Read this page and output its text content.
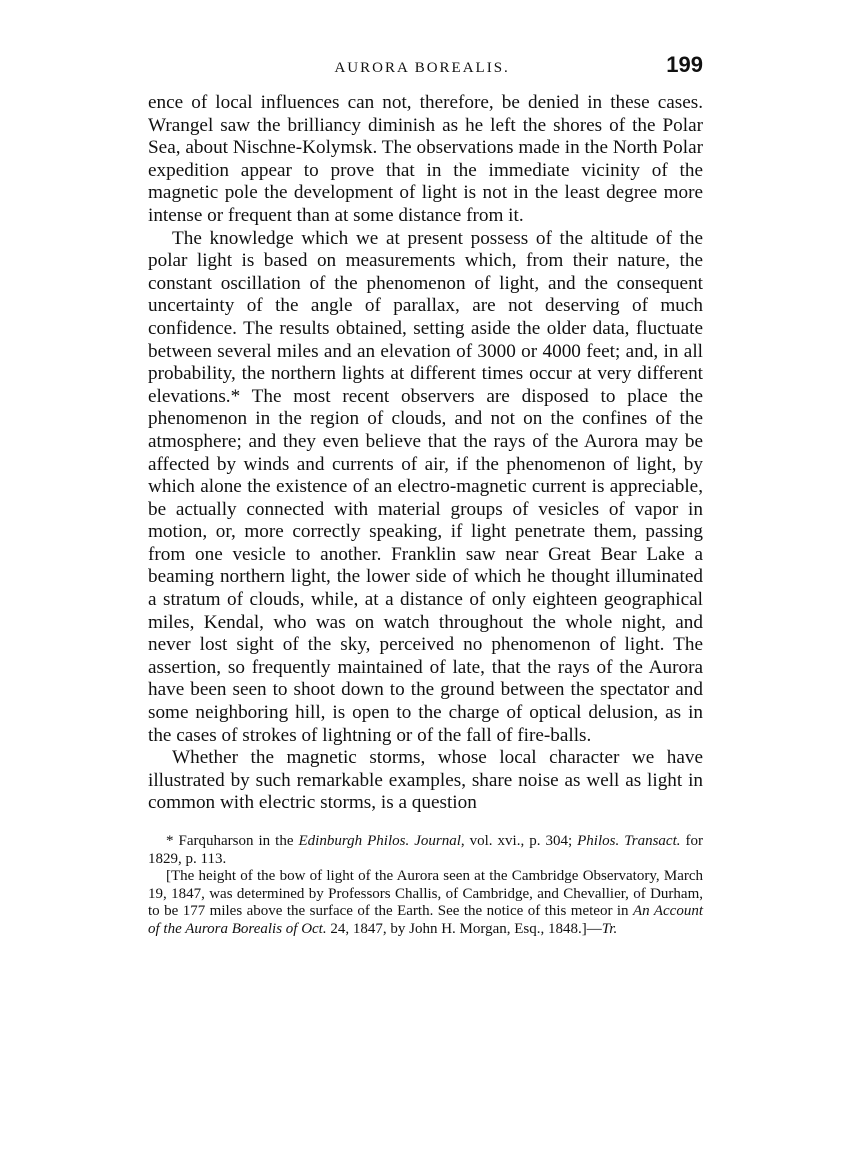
AURORA BOREALIS.	199

ence of local influences can not, therefore, be denied in these cases. Wrangel saw the brilliancy diminish as he left the shores of the Polar Sea, about Nischne-Kolymsk. The observations made in the North Polar expedition appear to prove that in the immediate vicinity of the magnetic pole the development of light is not in the least degree more intense or frequent than at some distance from it.

The knowledge which we at present possess of the altitude of the polar light is based on measurements which, from their nature, the constant oscillation of the phenomenon of light, and the consequent uncertainty of the angle of parallax, are not deserving of much confidence. The results obtained, setting aside the older data, fluctuate between several miles and an elevation of 3000 or 4000 feet; and, in all probability, the northern lights at different times occur at very different elevations.* The most recent observers are disposed to place the phenomenon in the region of clouds, and not on the confines of the atmosphere; and they even believe that the rays of the Aurora may be affected by winds and currents of air, if the phenomenon of light, by which alone the existence of an electro-magnetic current is appreciable, be actually connected with material groups of vesicles of vapor in motion, or, more correctly speaking, if light penetrate them, passing from one vesicle to another. Franklin saw near Great Bear Lake a beaming northern light, the lower side of which he thought illuminated a stratum of clouds, while, at a distance of only eighteen geographical miles, Kendal, who was on watch throughout the whole night, and never lost sight of the sky, perceived no phenomenon of light. The assertion, so frequently maintained of late, that the rays of the Aurora have been seen to shoot down to the ground between the spectator and some neighboring hill, is open to the charge of optical delusion, as in the cases of strokes of lightning or of the fall of fire-balls.

Whether the magnetic storms, whose local character we have illustrated by such remarkable examples, share noise as well as light in common with electric storms, is a question

* Farquharson in the Edinburgh Philos. Journal, vol. xvi., p. 304; Philos. Transact. for 1829, p. 113.

[The height of the bow of light of the Aurora seen at the Cambridge Observatory, March 19, 1847, was determined by Professors Challis, of Cambridge, and Chevallier, of Durham, to be 177 miles above the surface of the Earth. See the notice of this meteor in An Account of the Aurora Borealis of Oct. 24, 1847, by John H. Morgan, Esq., 1848.]—Tr.
